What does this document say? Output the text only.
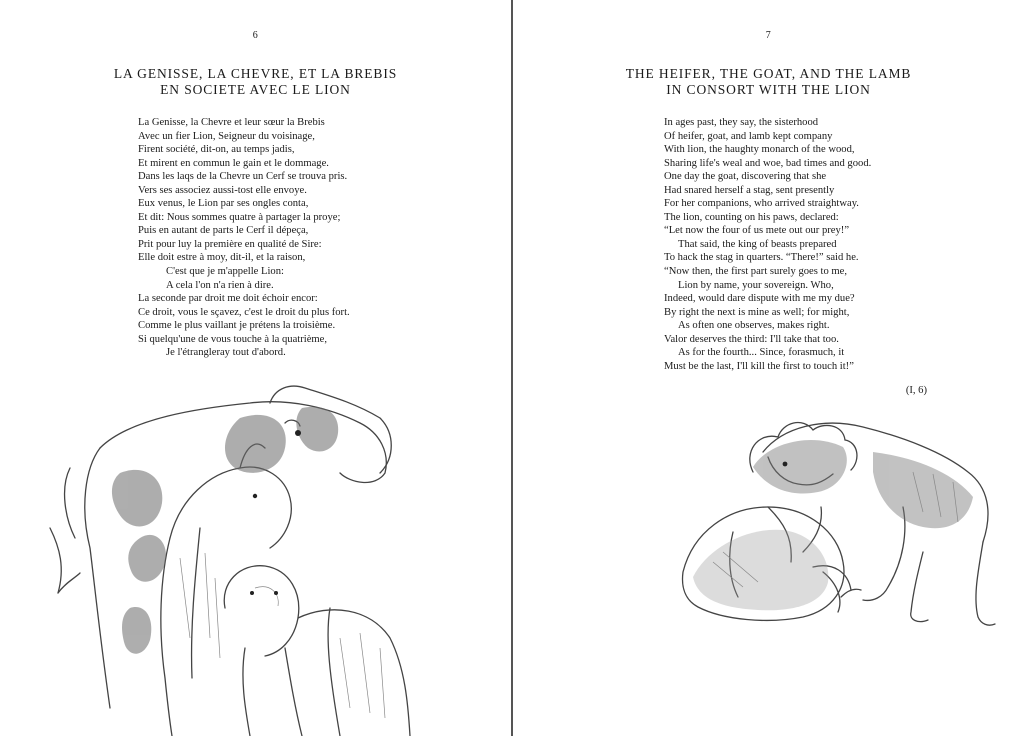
6
LA GENISSE, LA CHEVRE, ET LA BREBIS
EN SOCIETE AVEC LE LION
La Genisse, la Chevre et leur sœur la Brebis
Avec un fier Lion, Seigneur du voisinage,
Firent société, dit-on, au temps jadis,
Et mirent en commun le gain et le dommage.
Dans les laqs de la Chevre un Cerf se trouva pris.
Vers ses associez aussi-tost elle envoye.
Eux venus, le Lion par ses ongles conta,
Et dit: Nous sommes quatre à partager la proye;
Puis en autant de parts le Cerf il dépeça,
Prit pour luy la première en qualité de Sire:
Elle doit estre à moy, dit-il, et la raison,
C'est que je m'appelle Lion:
A cela l'on n'a rien à dire.
La seconde par droit me doit échoir encor:
Ce droit, vous le sçavez, c'est le droit du plus fort.
Comme le plus vaillant je prétens la troisième.
Si quelqu'une de vous touche à la quatrième,
Je l'étrangleray tout d'abord.
7
THE HEIFER, THE GOAT, AND THE LAMB
IN CONSORT WITH THE LION
In ages past, they say, the sisterhood
Of heifer, goat, and lamb kept company
With lion, the haughty monarch of the wood,
Sharing life's weal and woe, bad times and good.
One day the goat, discovering that she
Had snared herself a stag, sent presently
For her companions, who arrived straightway.
The lion, counting on his paws, declared:
“Let now the four of us mete out our prey!”
That said, the king of beasts prepared
To hack the stag in quarters. “There!” said he.
“Now then, the first part surely goes to me,
Lion by name, your sovereign. Who,
Indeed, would dare dispute with me my due?
By right the next is mine as well; for might,
As often one observes, makes right.
Valor deserves the third: I'll take that too.
As for the fourth... Since, forasmuch, it
Must be the last, I'll kill the first to touch it!”
(I, 6)
